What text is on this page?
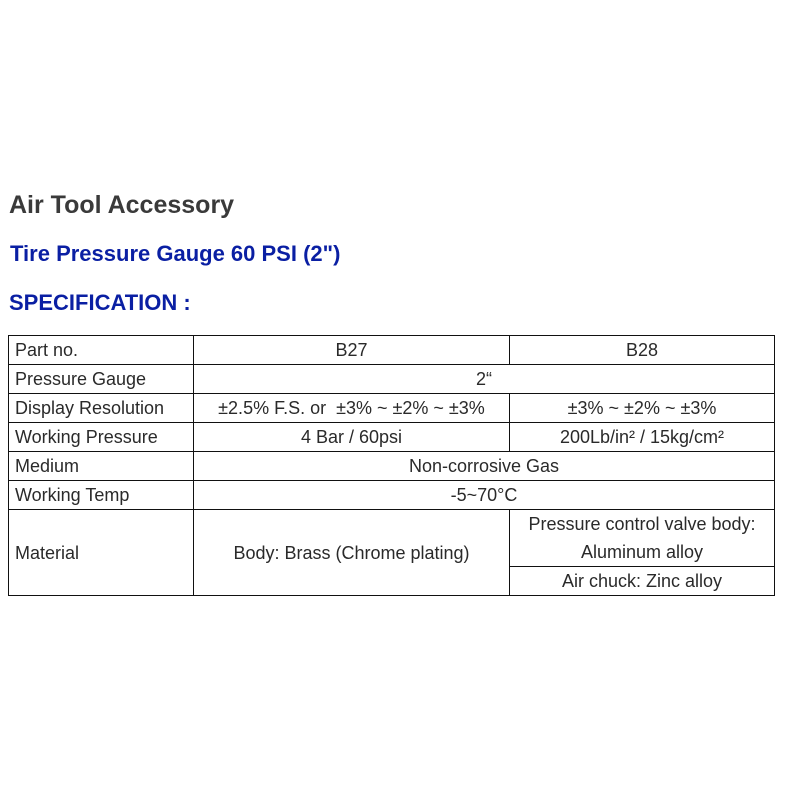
Air Tool Accessory
Tire Pressure Gauge 60 PSI (2")
SPECIFICATION :
Part no.	B27	B28
Pressure Gauge	2“	
Display Resolution	±2.5% F.S. or  ±3% ~ ±2% ~ ±3%	±3% ~ ±2% ~ ±3%
Working Pressure	4 Bar / 60psi	200Lb/in² / 15kg/cm²
Medium	Non-corrosive Gas	
Working Temp	-5~70°C	
Material	Body: Brass (Chrome plating)	Pressure control valve body:
Aluminum alloy

		Air chuck: Zinc alloy
